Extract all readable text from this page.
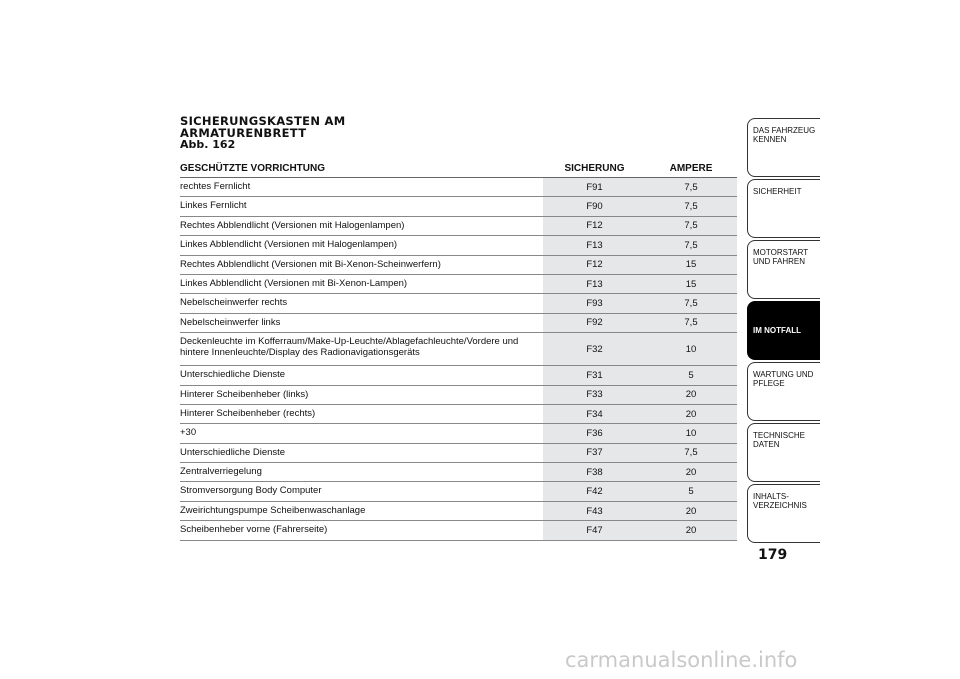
SICHERUNGSKASTEN AM
ARMATURENBRETT
Abb. 162
GESCHÜTZTE VORRICHTUNG	SICHERUNG	AMPERE
rechtes Fernlicht	F91	7,5
Linkes Fernlicht	F90	7,5
Rechtes Abblendlicht (Versionen mit Halogenlampen)	F12	7,5
Linkes Abblendlicht (Versionen mit Halogenlampen)	F13	7,5
Rechtes Abblendlicht (Versionen mit Bi-Xenon-Scheinwerfern)	F12	15
Linkes Abblendlicht (Versionen mit Bi-Xenon-Lampen)	F13	15
Nebelscheinwerfer rechts	F93	7,5
Nebelscheinwerfer links	F92	7,5
Deckenleuchte im Kofferraum/Make-Up-Leuchte/Ablagefachleuchte/Vordere und hintere Innenleuchte/Display des Radionavigationsgeräts	F32	10
Unterschiedliche Dienste	F31	5
Hinterer Scheibenheber (links)	F33	20
Hinterer Scheibenheber (rechts)	F34	20
+30	F36	10
Unterschiedliche Dienste	F37	7,5
Zentralverriegelung	F38	20
Stromversorgung Body Computer	F42	5
Zweirichtungspumpe Scheibenwaschanlage	F43	20
Scheibenheber vorne (Fahrerseite)	F47	20
DAS FAHRZEUG KENNEN
SICHERHEIT
MOTORSTART UND FAHREN
IM NOTFALL
WARTUNG UND PFLEGE
TECHNISCHE DATEN
INHALTS- VERZEICHNIS
179
carmanualsonline.info
